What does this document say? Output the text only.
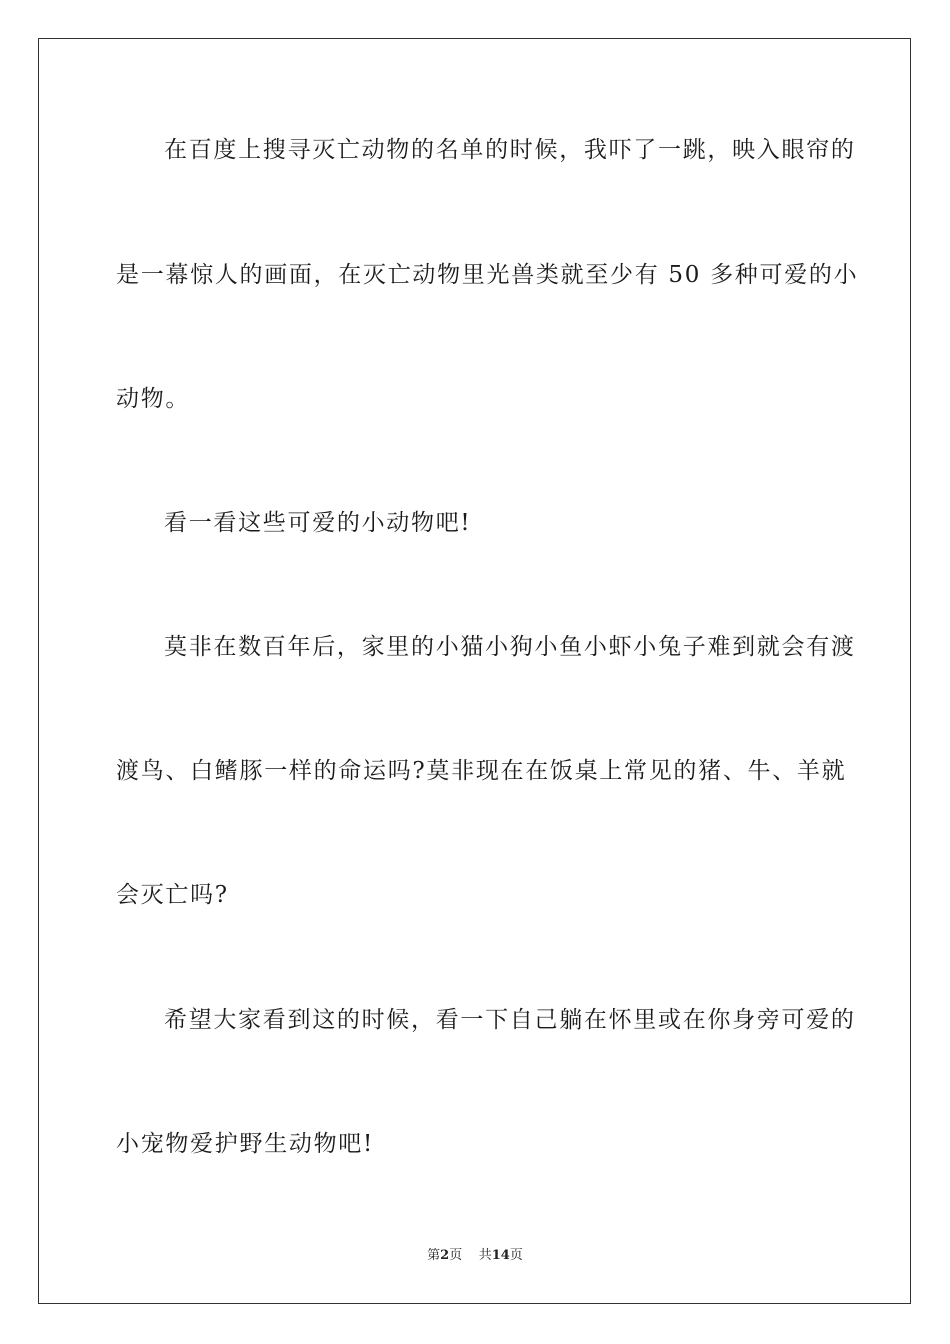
在百度上搜寻灭亡动物的名单的时候，我吓了一跳，映入眼帘的
是一幕惊人的画面，在灭亡动物里光兽类就至少有 50 多种可爱的小
动物。
看一看这些可爱的小动物吧!
莫非在数百年后，家里的小猫小狗小鱼小虾小兔子难到就会有渡
渡鸟、白鳍豚一样的命运吗?莫非现在在饭桌上常见的猪、牛、羊就
会灭亡吗?
希望大家看到这的时候，看一下自己躺在怀里或在你身旁可爱的
小宠物爱护野生动物吧!
第2页 共14页
